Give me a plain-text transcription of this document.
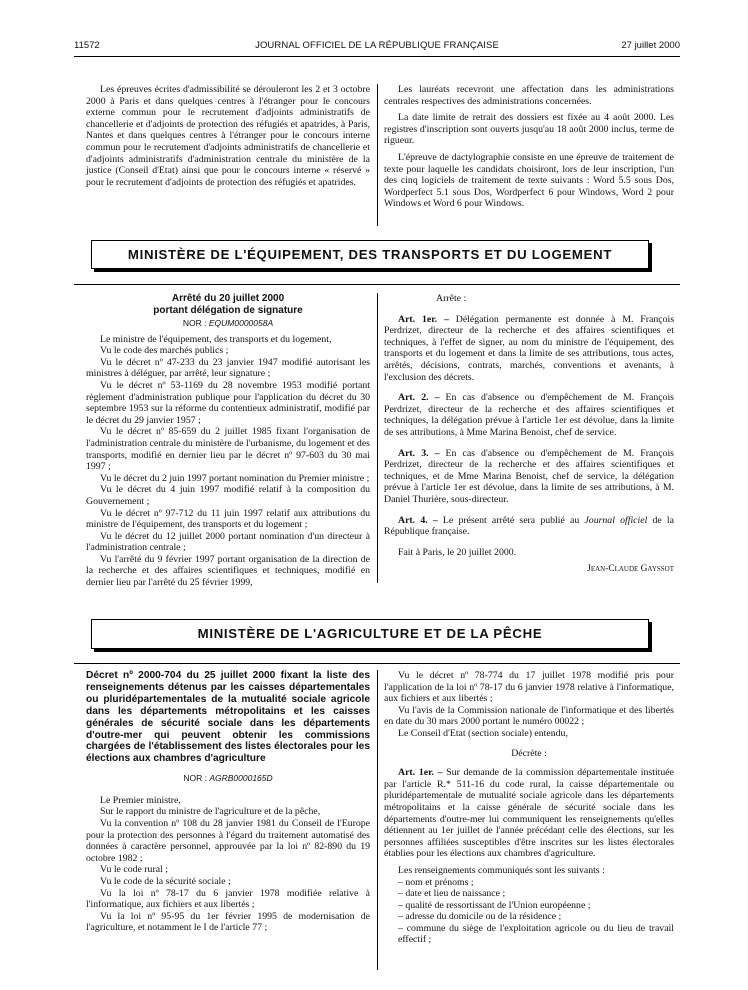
11572	JOURNAL OFFICIEL DE LA RÉPUBLIQUE FRANÇAISE	27 juillet 2000

Les épreuves écrites d'admissibilité se dérouleront les 2 et 3 octobre 2000 à Paris et dans quelques centres à l'étranger pour le concours externe commun pour le recrutement d'adjoints administratifs de chancellerie et d'adjoints de protection des réfugiés et apatrides, à Paris, Nantes et dans quelques centres à l'étranger pour le concours interne commun pour le recrutement d'adjoints administratifs de chancellerie et d'adjoints administratifs d'administration centrale du ministère de la justice (Conseil d'Etat) ainsi que pour le concours interne « réservé » pour le recrutement d'adjoints de protection des réfugiés et apatrides.

Les lauréats recevront une affectation dans les administrations centrales respectives des administrations concernées.

La date limite de retrait des dossiers est fixée au 4 août 2000. Les registres d'inscription sont ouverts jusqu'au 18 août 2000 inclus, terme de rigueur.

L'épreuve de dactylographie consiste en une épreuve de traitement de texte pour laquelle les candidats choisiront, lors de leur inscription, l'un des cinq logiciels de traitement de texte suivants : Word 5.5 sous Dos, Wordperfect 5.1 sous Dos, Wordperfect 6 pour Windows, Word 2 pour Windows et Word 6 pour Windows.

MINISTÈRE DE L'ÉQUIPEMENT, DES TRANSPORTS ET DU LOGEMENT
Arrêté du 20 juillet 2000
portant délégation de signature
NOR : EQUM0000058A

Le ministre de l'équipement, des transports et du logement,

Vu le code des marchés publics ;

Vu le décret nº 47-233 du 23 janvier 1947 modifié autorisant les ministres à déléguer, par arrêté, leur signature ;

Vu le décret nº 53-1169 du 28 novembre 1953 modifié portant règlement d'administration publique pour l'application du décret du 30 septembre 1953 sur la réforme du contentieux administratif, modifié par le décret du 29 janvier 1957 ;

Vu le décret nº 85-659 du 2 juillet 1985 fixant l'organisation de l'administration centrale du ministère de l'urbanisme, du logement et des transports, modifié en dernier lieu par le décret nº 97-603 du 30 mai 1997 ;

Vu le décret du 2 juin 1997 portant nomination du Premier ministre ;

Vu le décret du 4 juin 1997 modifié relatif à la composition du Gouvernement ;

Vu le décret nº 97-712 du 11 juin 1997 relatif aux attributions du ministre de l'équipement, des transports et du logement ;

Vu le décret du 12 juillet 2000 portant nomination d'un directeur à l'administration centrale ;

Vu l'arrêté du 9 février 1997 portant organisation de la direction de la recherche et des affaires scientifiques et techniques, modifié en dernier lieu par l'arrêté du 25 février 1999,

Arrête :

Art. 1er. – Délégation permanente est donnée à M. François Perdrizet, directeur de la recherche et des affaires scientifiques et techniques, à l'effet de signer, au nom du ministre de l'équipement, des transports et du logement et dans la limite de ses attributions, tous actes, arrêtés, décisions, contrats, marchés, conventions et avenants, à l'exclusion des décrets.

Art. 2. – En cas d'absence ou d'empêchement de M. François Perdrizet, directeur de la recherche et des affaires scientifiques et techniques, la délégation prévue à l'article 1er est dévolue, dans la limite de ses attributions, à Mme Marina Benoist, chef de service.

Art. 3. – En cas d'absence ou d'empêchement de M. François Perdrizet, directeur de la recherche et des affaires scientifiques et techniques, et de Mme Marina Benoist, chef de service, la délégation prévue à l'article 1er est dévolue, dans la limite de ses attributions, à M. Daniel Thurière, sous-directeur.

Art. 4. – Le présent arrêté sera publié au Journal officiel de la République française.

Fait à Paris, le 20 juillet 2000.

Jean-Claude Gayssot
MINISTÈRE DE L'AGRICULTURE ET DE LA PÊCHE
Décret nº 2000-704 du 25 juillet 2000 fixant la liste des renseignements détenus par les caisses départementales ou pluridépartementales de la mutualité sociale agricole dans les départements métropolitains et les caisses générales de sécurité sociale dans les départements d'outre-mer qui peuvent obtenir les commissions chargées de l'établissement des listes électorales pour les élections aux chambres d'agriculture
NOR : AGRB0000165D

Le Premier ministre,

Sur le rapport du ministre de l'agriculture et de la pêche,

Vu la convention nº 108 du 28 janvier 1981 du Conseil de l'Europe pour la protection des personnes à l'égard du traitement automatisé des données à caractère personnel, approuvée par la loi nº 82-890 du 19 octobre 1982 ;

Vu le code rural ;

Vu le code de la sécurité sociale ;

Vu la loi nº 78-17 du 6 janvier 1978 modifiée relative à l'informatique, aux fichiers et aux libertés ;

Vu la loi nº 95-95 du 1er février 1995 de modernisation de l'agriculture, et notamment le I de l'article 77 ;

Vu le décret nº 78-774 du 17 juillet 1978 modifié pris pour l'application de la loi nº 78-17 du 6 janvier 1978 relative à l'informatique, aux fichiers et aux libertés ;

Vu l'avis de la Commission nationale de l'informatique et des libertés en date du 30 mars 2000 portant le numéro 00022 ;

Le Conseil d'Etat (section sociale) entendu,

Décrète :

Art. 1er. – Sur demande de la commission départementale instituée par l'article R.* 511-16 du code rural, la caisse départementale ou pluridépartementale de mutualité sociale agricole dans les départements métropolitains et la caisse générale de sécurité sociale dans les départements d'outre-mer lui communiquent les renseignements qu'elles détiennent au 1er juillet de l'année précédant celle des élections, sur les personnes affiliées susceptibles d'être inscrites sur les listes électorales établies pour les élections aux chambres d'agriculture.

Les renseignements communiqués sont les suivants :

– nom et prénoms ;

– date et lieu de naissance ;

– qualité de ressortissant de l'Union européenne ;

– adresse du domicile ou de la résidence ;

– commune du siège de l'exploitation agricole ou du lieu de travail effectif ;
